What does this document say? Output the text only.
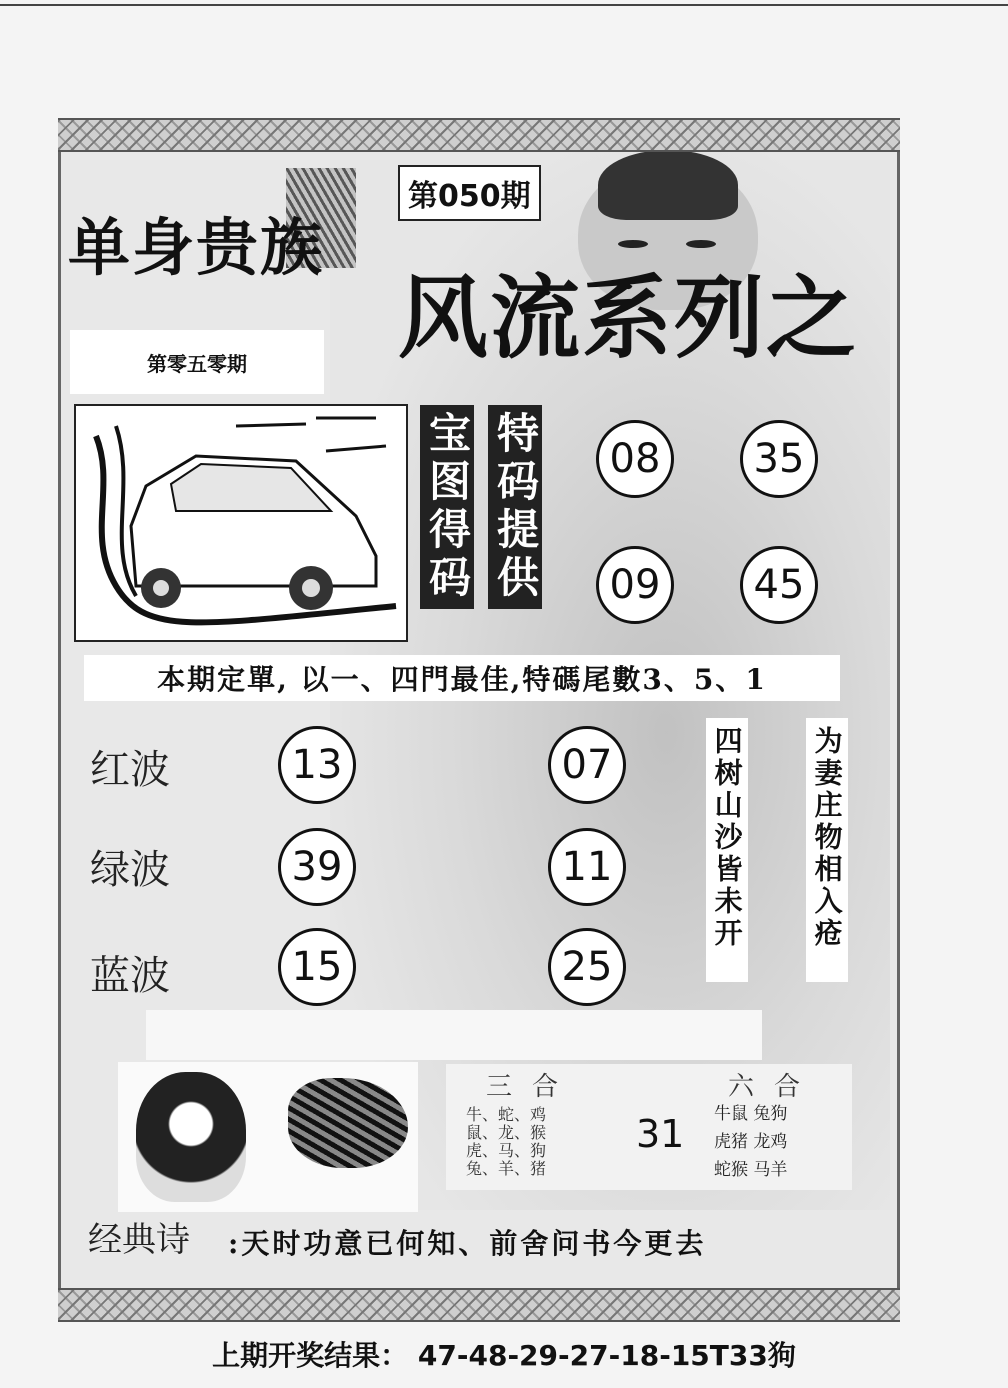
单身贵族
第050期
风流系列之
第零五零期
宝图得码 特码提供	08	35
09	45
本期定單, 以一、四門最佳,特碼尾數3、5、1
红波	13	07
绿波	39	11
蓝波	15	25
四树山沙皆未开 为妻庄物相入疮
三合
牛、蛇、鸡
鼠、龙、猴
虎、马、狗
兔、羊、猪
31
六合
牛鼠 兔狗
虎猪 龙鸡
蛇猴 马羊
经典诗 :天时功意已何知、前舍问书今更去
上期开奖结果： 47-48-29-27-18-15T33狗
